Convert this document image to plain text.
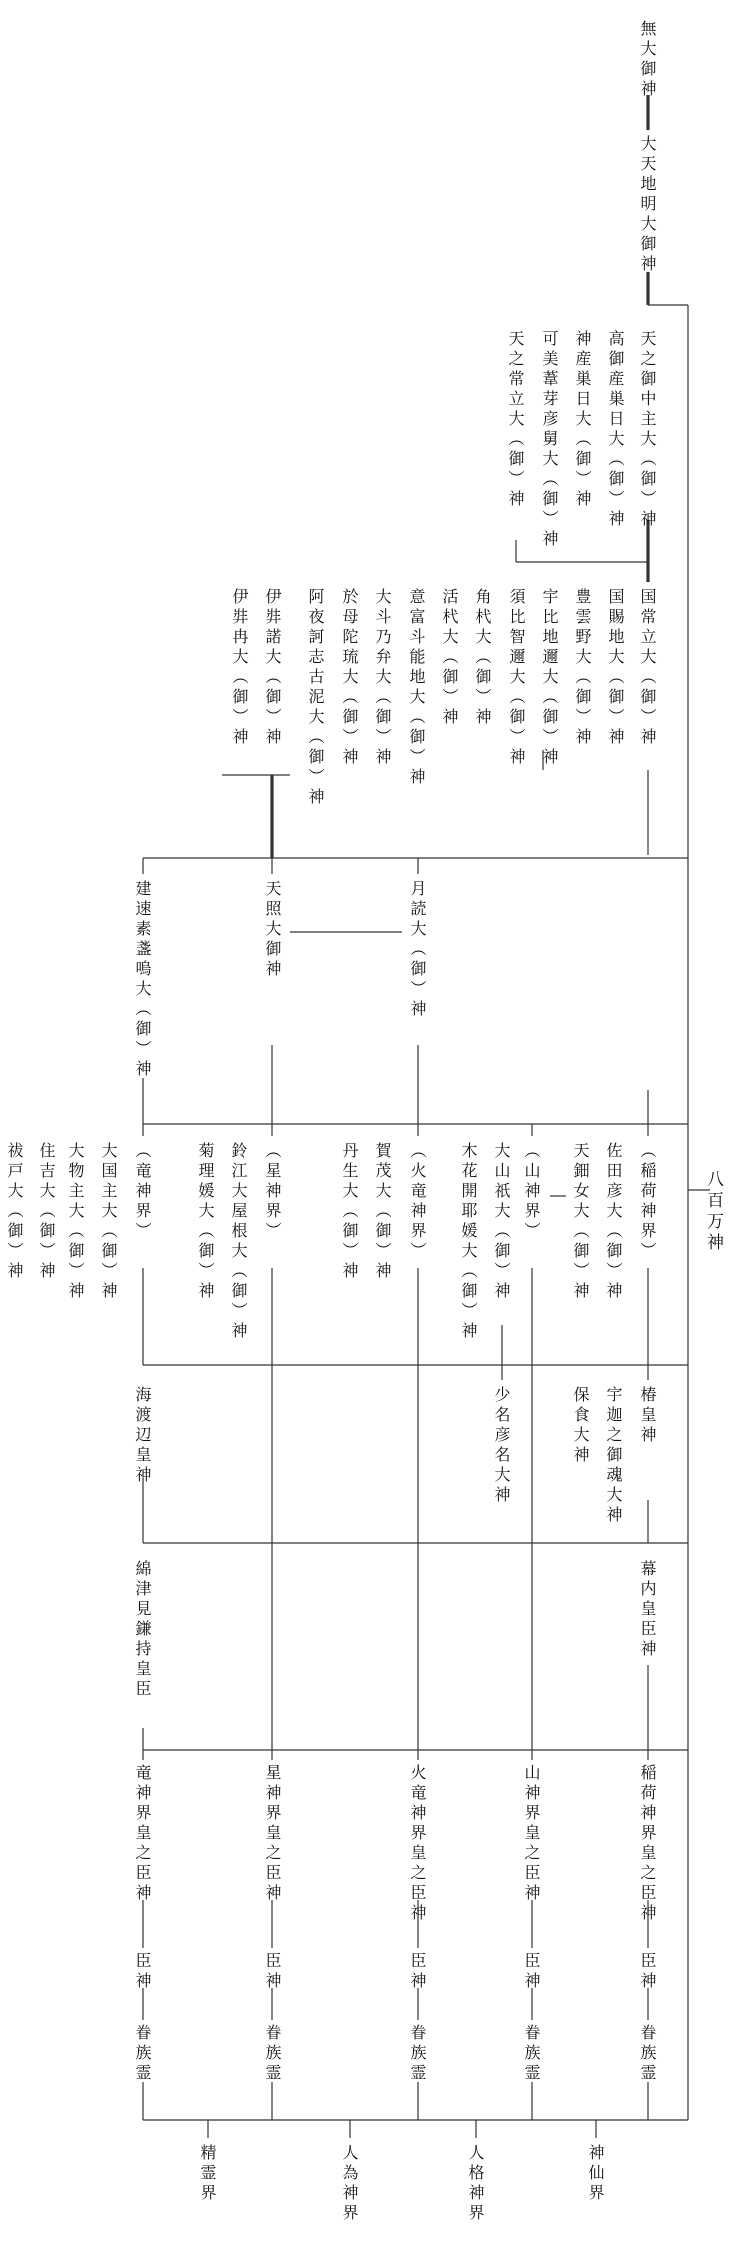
無大御神
大天地明大御神
天之御中主大（御）神
高御産巣日大（御）神
神産巣日大（御）神
可美葦芽彦舅大（御）神
天之常立大（御）神
国常立大（御）神
国賜地大（御）神
豊雲野大（御）神
宇比地邇大（御）神
須比智邇大（御）神
角杙大（御）神
活杙大（御）神
意富斗能地大（御）神
大斗乃弁大（御）神
於母陀琉大（御）神
阿夜訶志古泥大（御）神
伊弉諾大（御）神
伊弉冉大（御）神
建速素盞嗚大（御）神	天照大御神	月読大（御）神
八百万神
（稲荷神界）
佐田彦大（御）神
天鈿女大（御）神
（山神界）
大山祇大（御）神
木花開耶媛大（御）神
（火竜神界）
賀茂大（御）神
丹生大（御）神
（星神界）
鈴江大屋根大（御）神
菊理媛大（御）神
（竜神界）
大国主大（御）神
大物主大（御）神
住吉大（御）神
祓戸大（御）神
椿皇神
宇迦之御魂大神
保食大神
少名彦名大神
海渡辺皇神
幕内皇臣神
綿津見鎌持皇臣
稲荷神界皇之臣神
山神界皇之臣神
火竜神界皇之臣神
星神界皇之臣神
竜神界皇之臣神
臣神
臣神
臣神
臣神
臣神
眷族霊
眷族霊
眷族霊
眷族霊
眷族霊
神仙界
人格神界
人為神界
精霊界
